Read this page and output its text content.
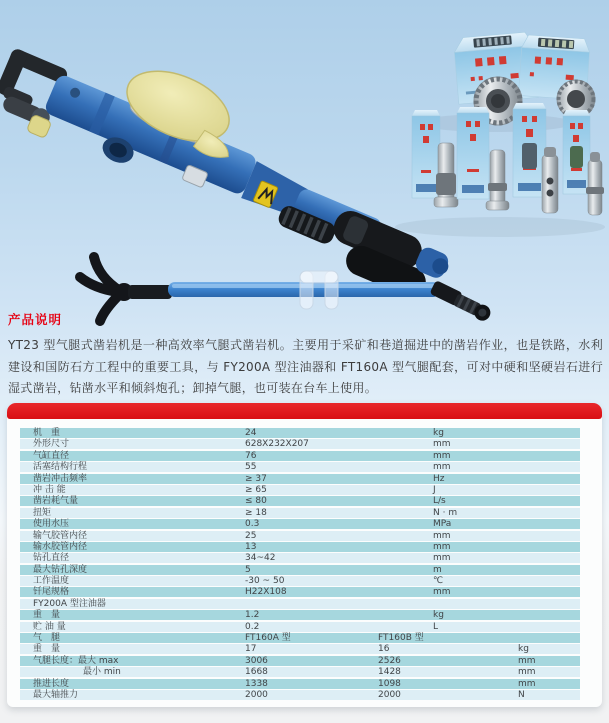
产品说明

YT23 型气腿式凿岩机是一种高效率气腿式凿岩机。主要用于采矿和巷道掘进中的凿岩作业，也是铁路，水利建设和国防石方工程中的重要工具，与 FY200A 型注油器和 FT160A 型气腿配套，可对中硬和坚硬岩石进行湿式凿岩，钻凿水平和倾斜炮孔；卸掉气腿，也可装在台车上使用。

机　重	24	kg
外形尺寸	628X232X207	mm
气缸直径	76	mm
活塞结构行程	55	mm
凿岩冲击频率	≥ 37	Hz
冲 击 能	≥ 65	J
凿岩耗气量	≤ 80	L/s
扭矩	≥ 18	N · m
使用水压	0.3	MPa
输气胶管内径	25	mm
输水胶管内径	13	mm
钻孔直径	34~42	mm
最大钻孔深度	5	m
工作温度	-30 ~ 50	℃
钎尾规格	H22X108	mm
FY200A 型注油器
重　量	1.2	kg
贮 油 量	0.2	L
气　腿	FT160A 型	FT160B 型
重　量	17	16	kg
气腿长度：最大 max	3006	2526	mm
最小 min	1668	1428	mm
推进长度	1338	1098	mm
最大轴推力	2000	2000	N
